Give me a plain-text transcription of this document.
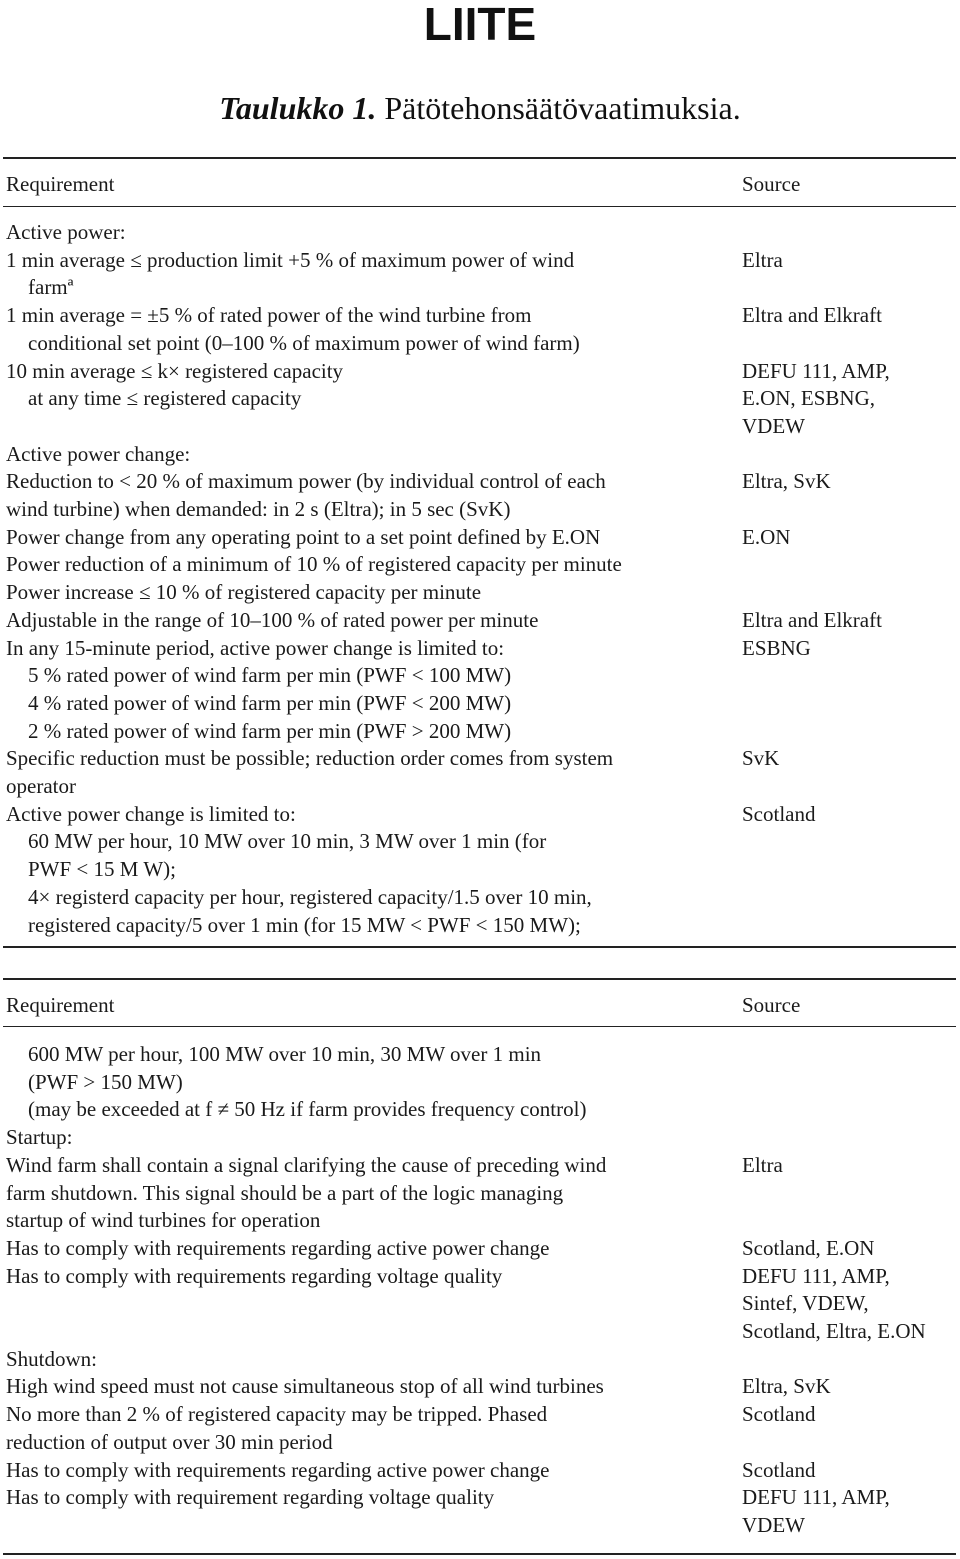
LIITE
Taulukko 1. Pätötehonsäätövaatimuksia.
Requirement	Source
Active power:
1 min average ≤ production limit +5 % of maximum power of wind	Eltra
farmª
1 min average = ±5 % of rated power of the wind turbine from	Eltra and Elkraft
conditional set point (0–100 % of maximum power of wind farm)
10 min average ≤ k× registered capacity	DEFU 111, AMP,
at any time ≤ registered capacity	E.ON, ESBNG,
VDEW
Active power change:
Reduction to < 20 % of maximum power (by individual control of each	Eltra, SvK
wind turbine) when demanded: in 2 s (Eltra); in 5 sec (SvK)
Power change from any operating point to a set point defined by E.ON	E.ON
Power reduction of a minimum of 10 % of registered capacity per minute
Power increase ≤ 10 % of registered capacity per minute
Adjustable in the range of 10–100 % of rated power per minute	Eltra and Elkraft
In any 15-minute period, active power change is limited to:	ESBNG
5 % rated power of wind farm per min (PWF < 100 MW)
4 % rated power of wind farm per min (PWF < 200 MW)
2 % rated power of wind farm per min (PWF > 200 MW)
Specific reduction must be possible; reduction order comes from system	SvK
operator
Active power change is limited to:	Scotland
60 MW per hour, 10 MW over 10 min, 3 MW over 1 min (for
PWF < 15 M W);
4× registerd capacity per hour, registered capacity/1.5 over 10 min,
registered capacity/5 over 1 min (for 15 MW < PWF < 150 MW);
Requirement	Source
600 MW per hour, 100 MW over 10 min, 30 MW over 1 min
(PWF > 150 MW)
(may be exceeded at f ≠ 50 Hz if farm provides frequency control)
Startup:
Wind farm shall contain a signal clarifying the cause of preceding wind	Eltra
farm shutdown. This signal should be a part of the logic managing
startup of wind turbines for operation
Has to comply with requirements regarding active power change	Scotland, E.ON
Has to comply with requirements regarding voltage quality	DEFU 111, AMP,
Sintef, VDEW,
Scotland, Eltra, E.ON
Shutdown:
High wind speed must not cause simultaneous stop of all wind turbines	Eltra, SvK
No more than 2 % of registered capacity may be tripped. Phased	Scotland
reduction of output over 30 min period
Has to comply with requirements regarding active power change	Scotland
Has to comply with requirement regarding voltage quality	DEFU 111, AMP,
VDEW
